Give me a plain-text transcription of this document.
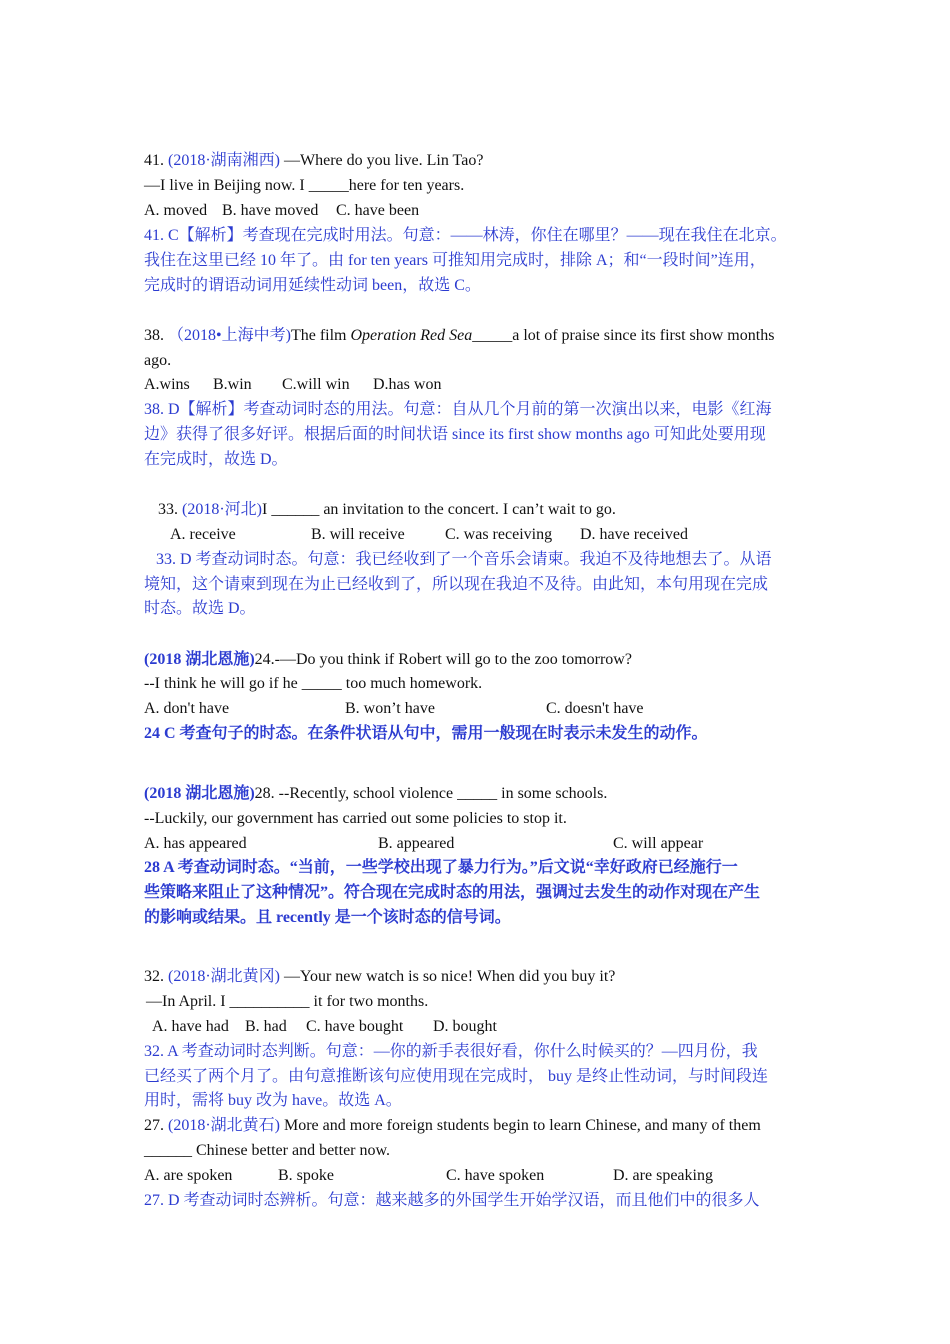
41. (2018·湖南湘西) —Where do you live. Lin Tao?
—I live in Beijing now. I _____here for ten years.
A. moved B. have moved C. have been
41. C【解析】考查现在完成时用法。句意：——林涛，你住在哪里？——现在我住在北京。
我住在这里已经 10 年了。由 for ten years 可推知用完成时，排除 A；和“一段时间”连用，
完成时的谓语动词用延续性动词 been，故选 C。
38. （2018•上海中考)The film Operation Red Sea_____a lot of praise since its first show months
ago.
A.wins B.win C.will win D.has won
38. D【解析】考查动词时态的用法。句意：自从几个月前的第一次演出以来，电影《红海
边》获得了很多好评。根据后面的时间状语 since its first show months ago 可知此处要用现
在完成时，故选 D。
33. (2018·河北)I ______ an invitation to the concert. I can’t wait to go.
A. receive	B. will receive	C. was receiving D. have received
33. D 考查动词时态。句意：我已经收到了一个音乐会请柬。我迫不及待地想去了。从语
境知，这个请柬到现在为止已经收到了，所以现在我迫不及待。由此知，本句用现在完成
时态。故选 D。
(2018 湖北恩施)24.-—Do you think if Robert will go to the zoo tomorrow?
--I think he will go if he _____ too much homework.
A. don't have	B. won’t have	C. doesn't have
24 C 考查句子的时态。在条件状语从句中，需用一般现在时表示未发生的动作。
(2018 湖北恩施)28. --Recently, school violence _____ in some schools.
--Luckily, our government has carried out some policies to stop it.
A. has appeared	B. appeared	C. will appear
28 A 考查动词时态。“当前，一些学校出现了暴力行为。”后文说“幸好政府已经施行一
些策略来阻止了这种情况”。符合现在完成时态的用法，强调过去发生的动作对现在产生
的影响或结果。且 recently 是一个该时态的信号词。
32. (2018·湖北黄冈) —Your new watch is so nice! When did you buy it?
—In April. I __________ it for two months.
A. have had B. had C. have bought D. bought
32. A 考查动词时态判断。句意：—你的新手表很好看，你什么时候买的？—四月份，我
已经买了两个月了。由句意推断该句应使用现在完成时， buy 是终止性动词，与时间段连
用时，需将 buy 改为 have。故选 A。
27. (2018·湖北黄石) More and more foreign students begin to learn Chinese, and many of them
______ Chinese better and better now.
A. are spoken	B. spoke	C. have spoken	D. are speaking
27. D 考查动词时态辨析。句意：越来越多的外国学生开始学汉语，而且他们中的很多人
